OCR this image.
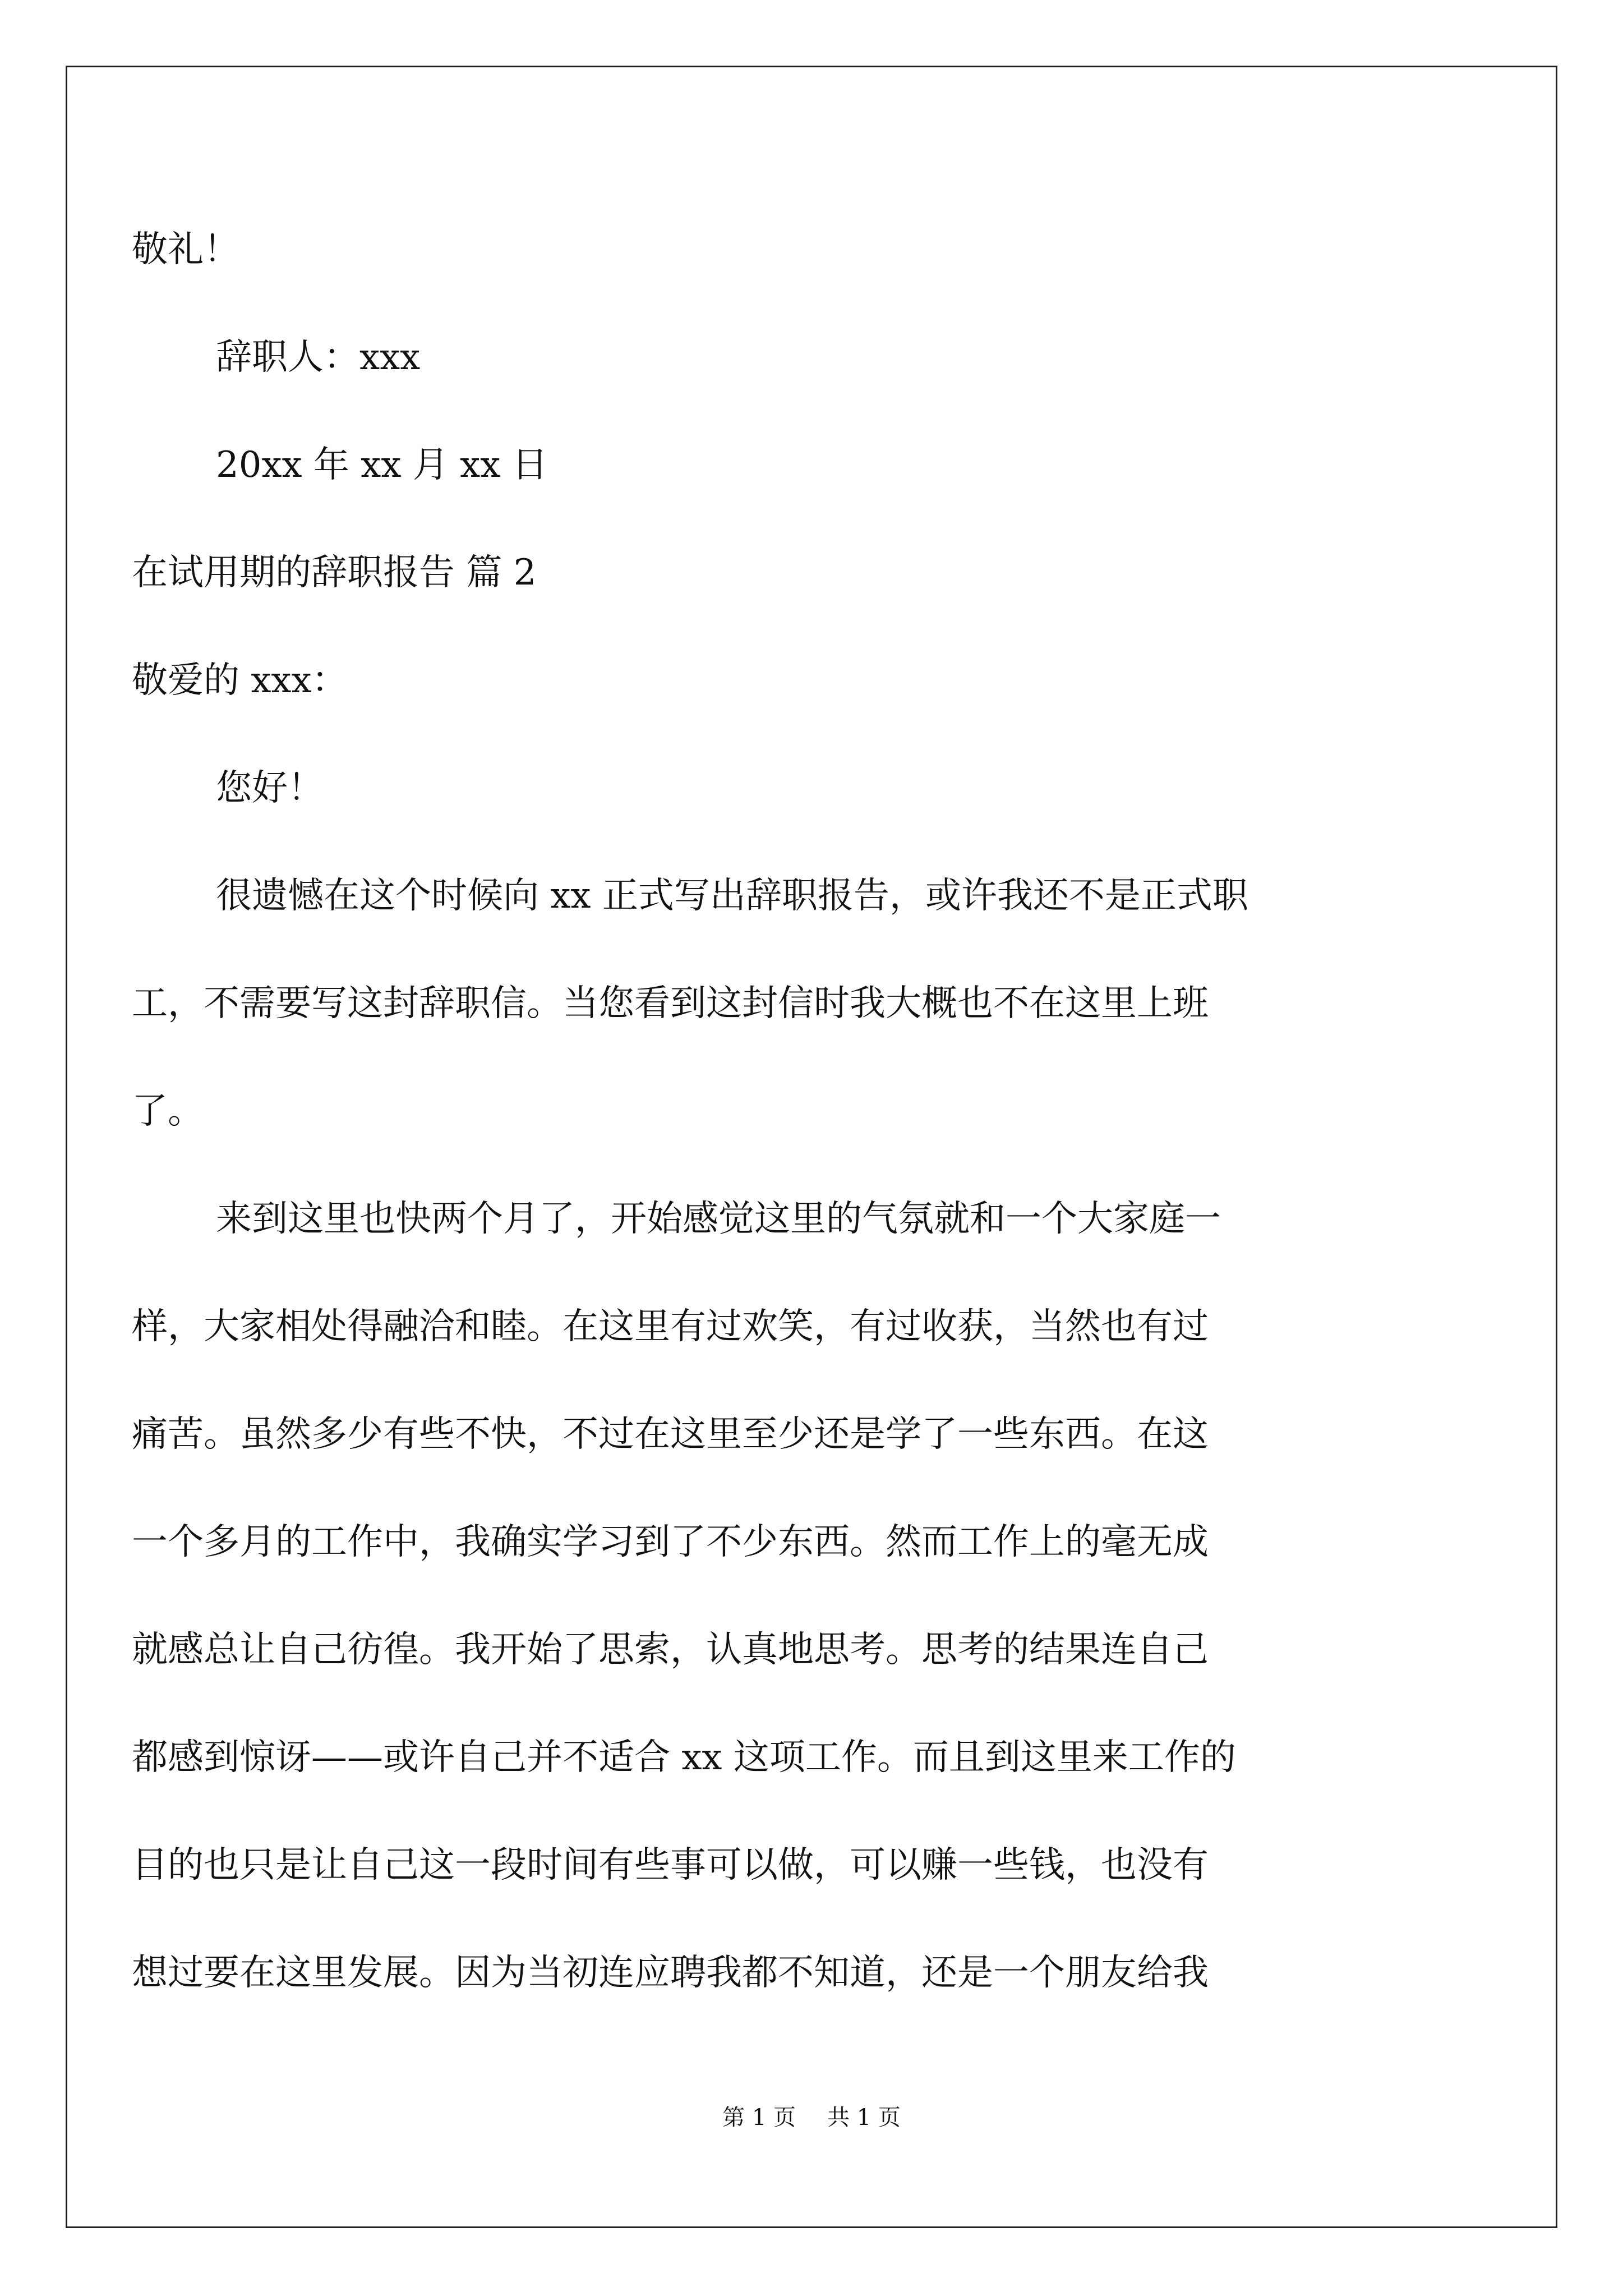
敬礼！
辞职人：xxx
20xx 年 xx 月 xx 日
在试用期的辞职报告 篇 2
敬爱的 xxx：
您好！
很遗憾在这个时候向 xx 正式写出辞职报告，或许我还不是正式职
工，不需要写这封辞职信。当您看到这封信时我大概也不在这里上班
了。
来到这里也快两个月了，开始感觉这里的气氛就和一个大家庭一
样，大家相处得融洽和睦。在这里有过欢笑，有过收获，当然也有过
痛苦。虽然多少有些不快，不过在这里至少还是学了一些东西。在这
一个多月的工作中，我确实学习到了不少东西。然而工作上的毫无成
就感总让自己彷徨。我开始了思索，认真地思考。思考的结果连自己
都感到惊讶——或许自己并不适合 xx 这项工作。而且到这里来工作的
目的也只是让自己这一段时间有些事可以做，可以赚一些钱，也没有
想过要在这里发展。因为当初连应聘我都不知道，还是一个朋友给我
第 1 页 共 1 页
